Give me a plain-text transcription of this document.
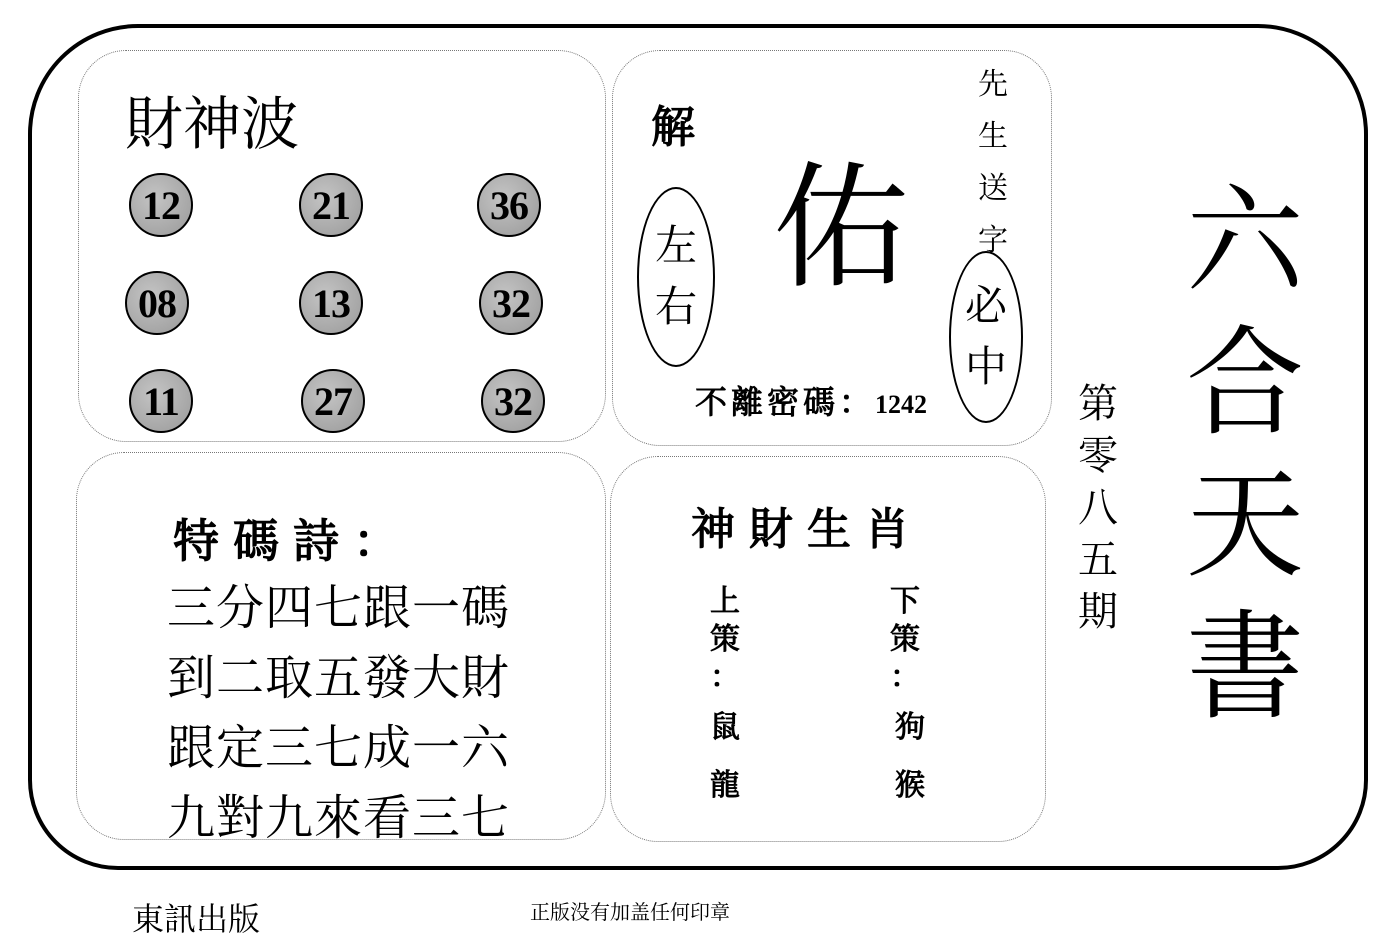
財神波
12	21	36
08	13	32
11	27	32
解
左
右 佑
先
生
送
字
必
中
不離密碼：1242
特碼詩：
三分四七跟一碼
到二取五發大財
跟定三七成一六
九對九來看三七
神財生肖
上
策
：
鼠
龍
下
策
：
狗
猴
六
合
天
書
第
零
八
五
期
東訊出版	正版没有加盖任何印章
